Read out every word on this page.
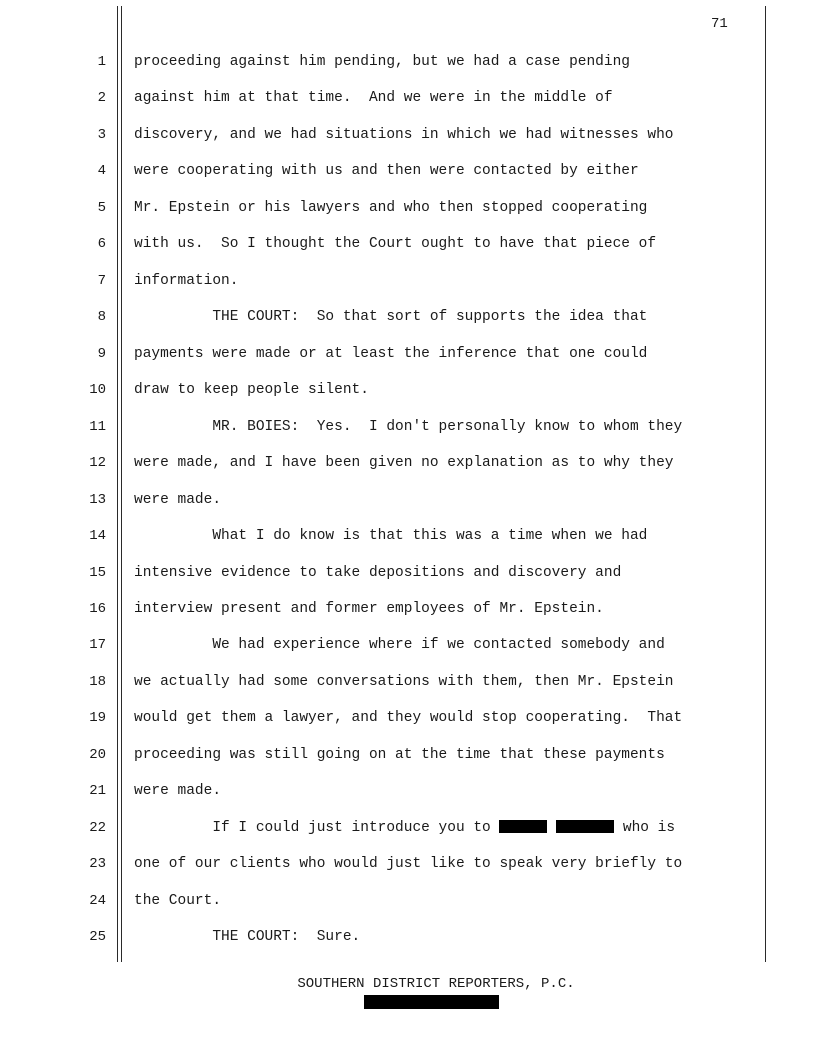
71
1 proceeding against him pending, but we had a case pending
2 against him at that time.  And we were in the middle of
3 discovery, and we had situations in which we had witnesses who
4 were cooperating with us and then were contacted by either
5 Mr. Epstein or his lawyers and who then stopped cooperating
6 with us.  So I thought the Court ought to have that piece of
7 information.
8 THE COURT:  So that sort of supports the idea that
9 payments were made or at least the inference that one could
10 draw to keep people silent.
11 MR. BOIES:  Yes.  I don't personally know to whom they
12 were made, and I have been given no explanation as to why they
13 were made.
14 What I do know is that this was a time when we had
15 intensive evidence to take depositions and discovery and
16 interview present and former employees of Mr. Epstein.
17 We had experience where if we contacted somebody and
18 we actually had some conversations with them, then Mr. Epstein
19 would get them a lawyer, and they would stop cooperating.  That
20 proceeding was still going on at the time that these payments
21 were made.
22 If I could just introduce you to	who is
23 one of our clients who would just like to speak very briefly to
24 the Court.
25 THE COURT:  Sure.
SOUTHERN DISTRICT REPORTERS, P.C.
